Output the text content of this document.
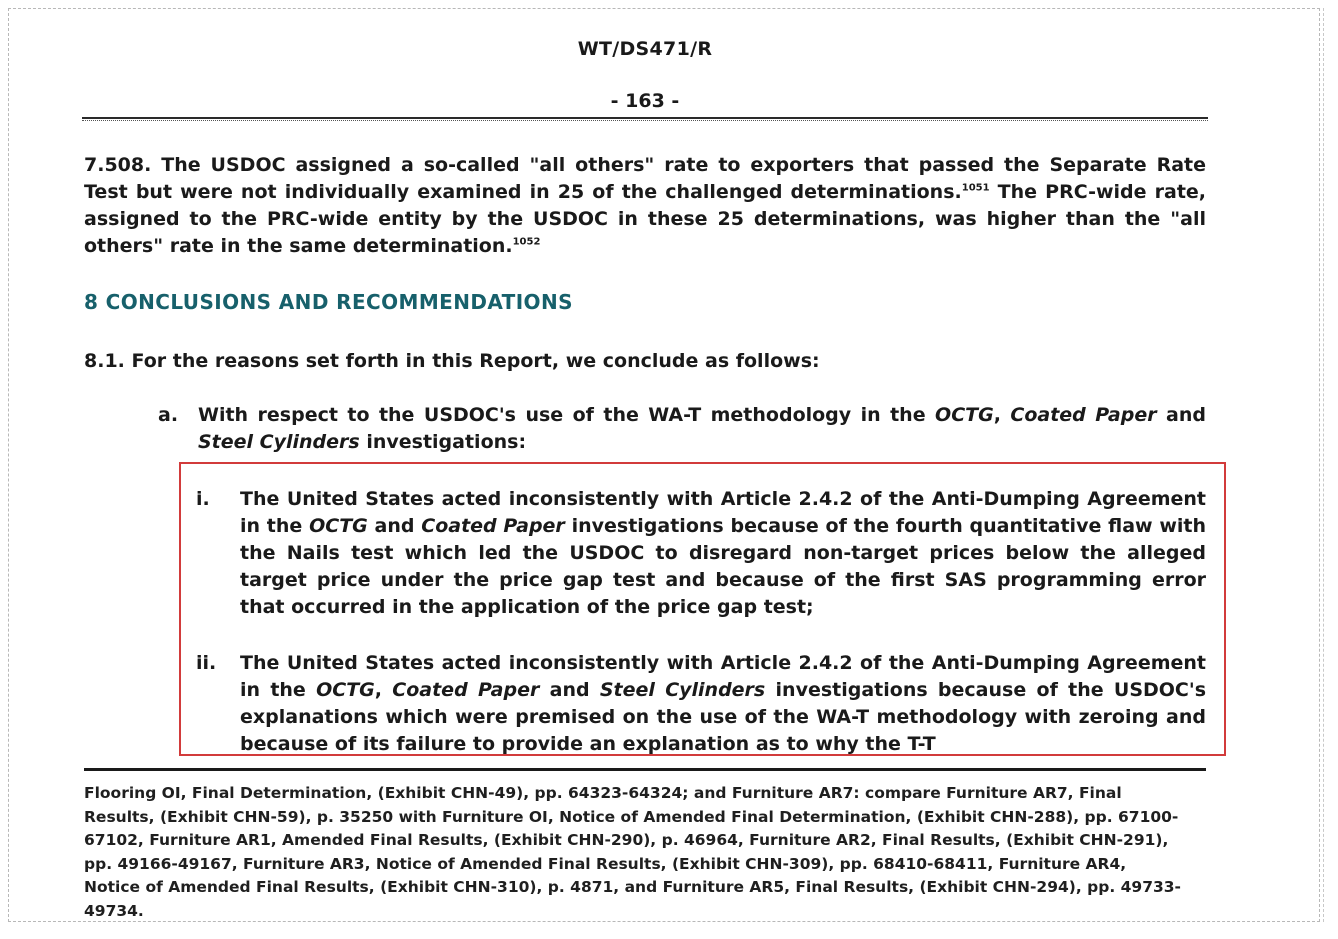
WT/DS471/R
- 163 -

7.508. The USDOC assigned a so-called "all others" rate to exporters that passed the Separate Rate Test but were not individually examined in 25 of the challenged determinations.$^{1051}$ The PRC-wide rate, assigned to the PRC-wide entity by the USDOC in these 25 determinations, was higher than the "all others" rate in the same determination.$^{1052}$

8 CONCLUSIONS AND RECOMMENDATIONS

8.1. For the reasons set forth in this Report, we conclude as follows:

a. With respect to the USDOC's use of the WA-T methodology in the OCTG, Coated Paper and Steel Cylinders investigations:
i. The United States acted inconsistently with Article 2.4.2 of the Anti-Dumping Agreement in the OCTG and Coated Paper investigations because of the fourth quantitative flaw with the Nails test which led the USDOC to disregard non-target prices below the alleged target price under the price gap test and because of the first SAS programming error that occurred in the application of the price gap test;
ii. The United States acted inconsistently with Article 2.4.2 of the Anti-Dumping Agreement in the OCTG, Coated Paper and Steel Cylinders investigations because of the USDOC's explanations which were premised on the use of the WA-T methodology with zeroing and because of its failure to provide an explanation as to why the T-T

Flooring OI, Final Determination, (Exhibit CHN-49), pp. 64323-64324; and Furniture AR7: compare Furniture AR7, Final Results, (Exhibit CHN-59), p. 35250 with Furniture OI, Notice of Amended Final Determination, (Exhibit CHN-288), pp. 67100-67102, Furniture AR1, Amended Final Results, (Exhibit CHN-290), p. 46964, Furniture AR2, Final Results, (Exhibit CHN-291), pp. 49166-49167, Furniture AR3, Notice of Amended Final Results, (Exhibit CHN-309), pp. 68410-68411, Furniture AR4, Notice of Amended Final Results, (Exhibit CHN-310), p. 4871, and Furniture AR5, Final Results, (Exhibit CHN-294), pp. 49733-49734.
